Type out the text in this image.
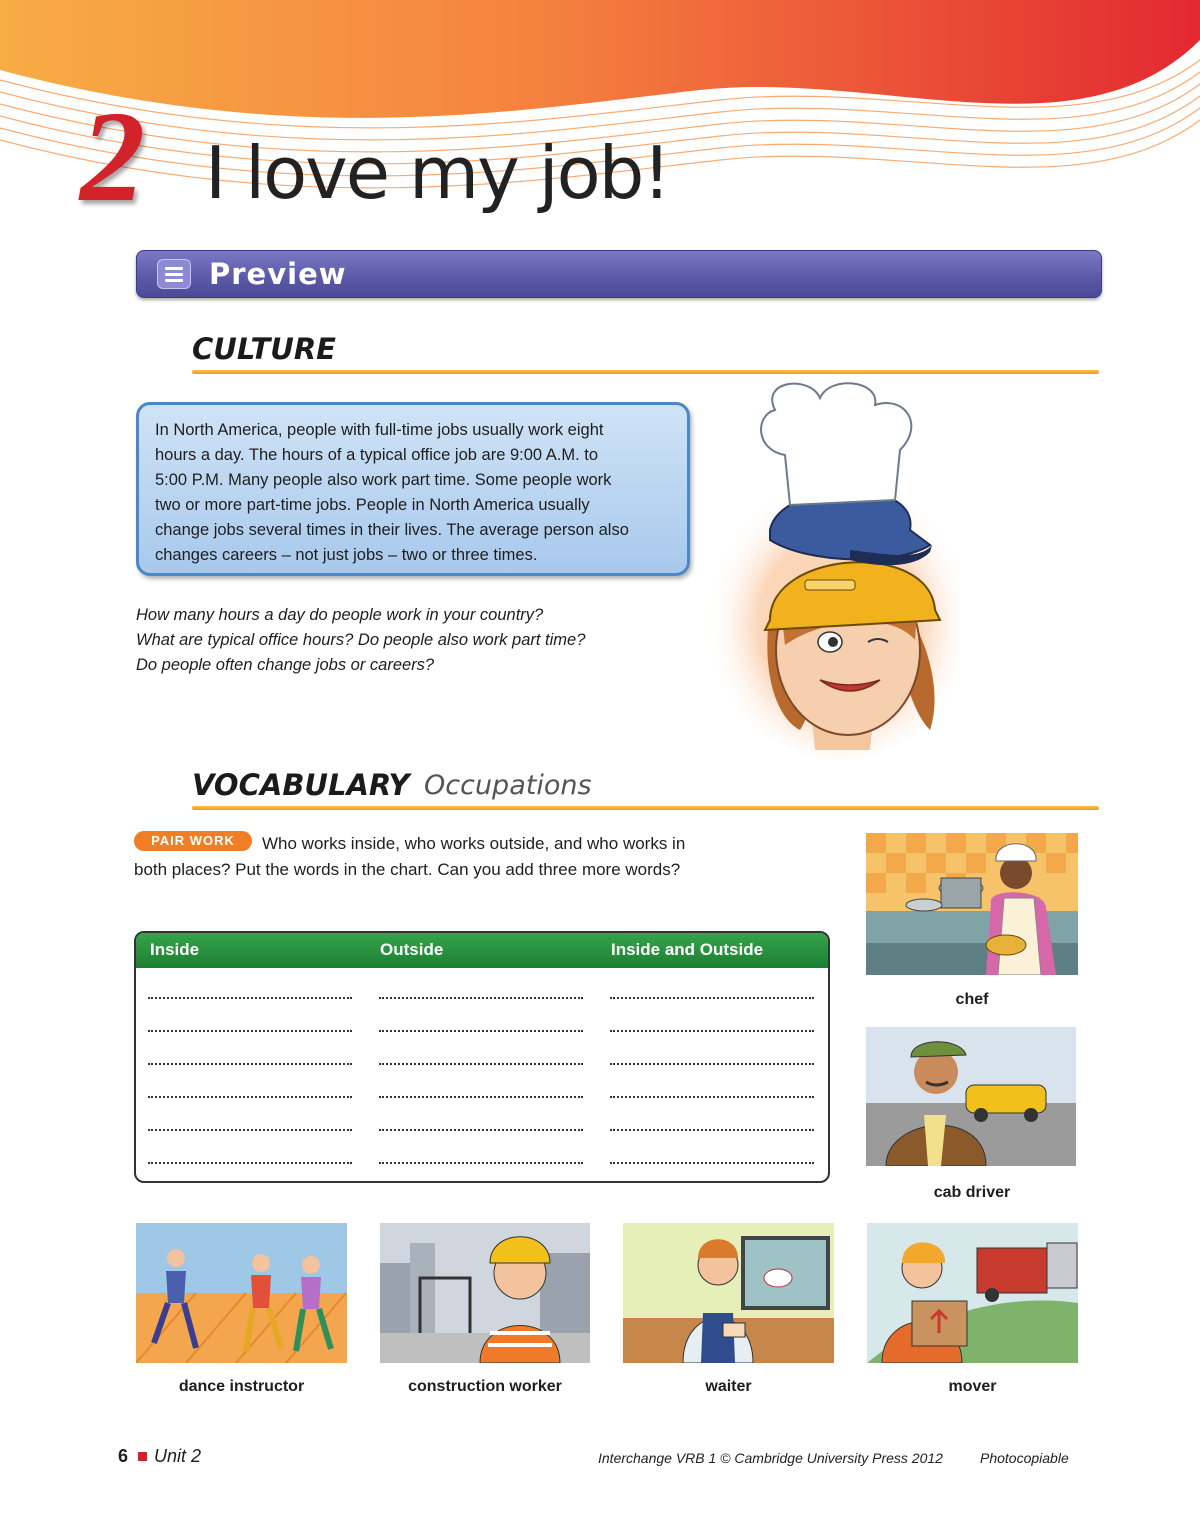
2 I love my job!
Preview
CULTURE
In North America, people with full-time jobs usually work eight
hours a day. The hours of a typical office job are 9:00 A.M. to
5:00 P.M. Many people also work part time. Some people work
two or more part-time jobs. People in North America usually
change jobs several times in their lives. The average person also
changes careers – not just jobs – two or three times.
How many hours a day do people work in your country?
What are typical office hours? Do people also work part time?
Do people often change jobs or careers?
VOCABULARY Occupations
Who works inside, who works outside, and who works in both places? Put the words in the chart. Can you add three more words?
PAIR WORK
Inside	Outside	Inside and Outside
chef
cab driver
dance instructor	construction worker	waiter	mover
6 Unit 2	Interchange VRB 1 © Cambridge University Press 2012	Photocopiable
